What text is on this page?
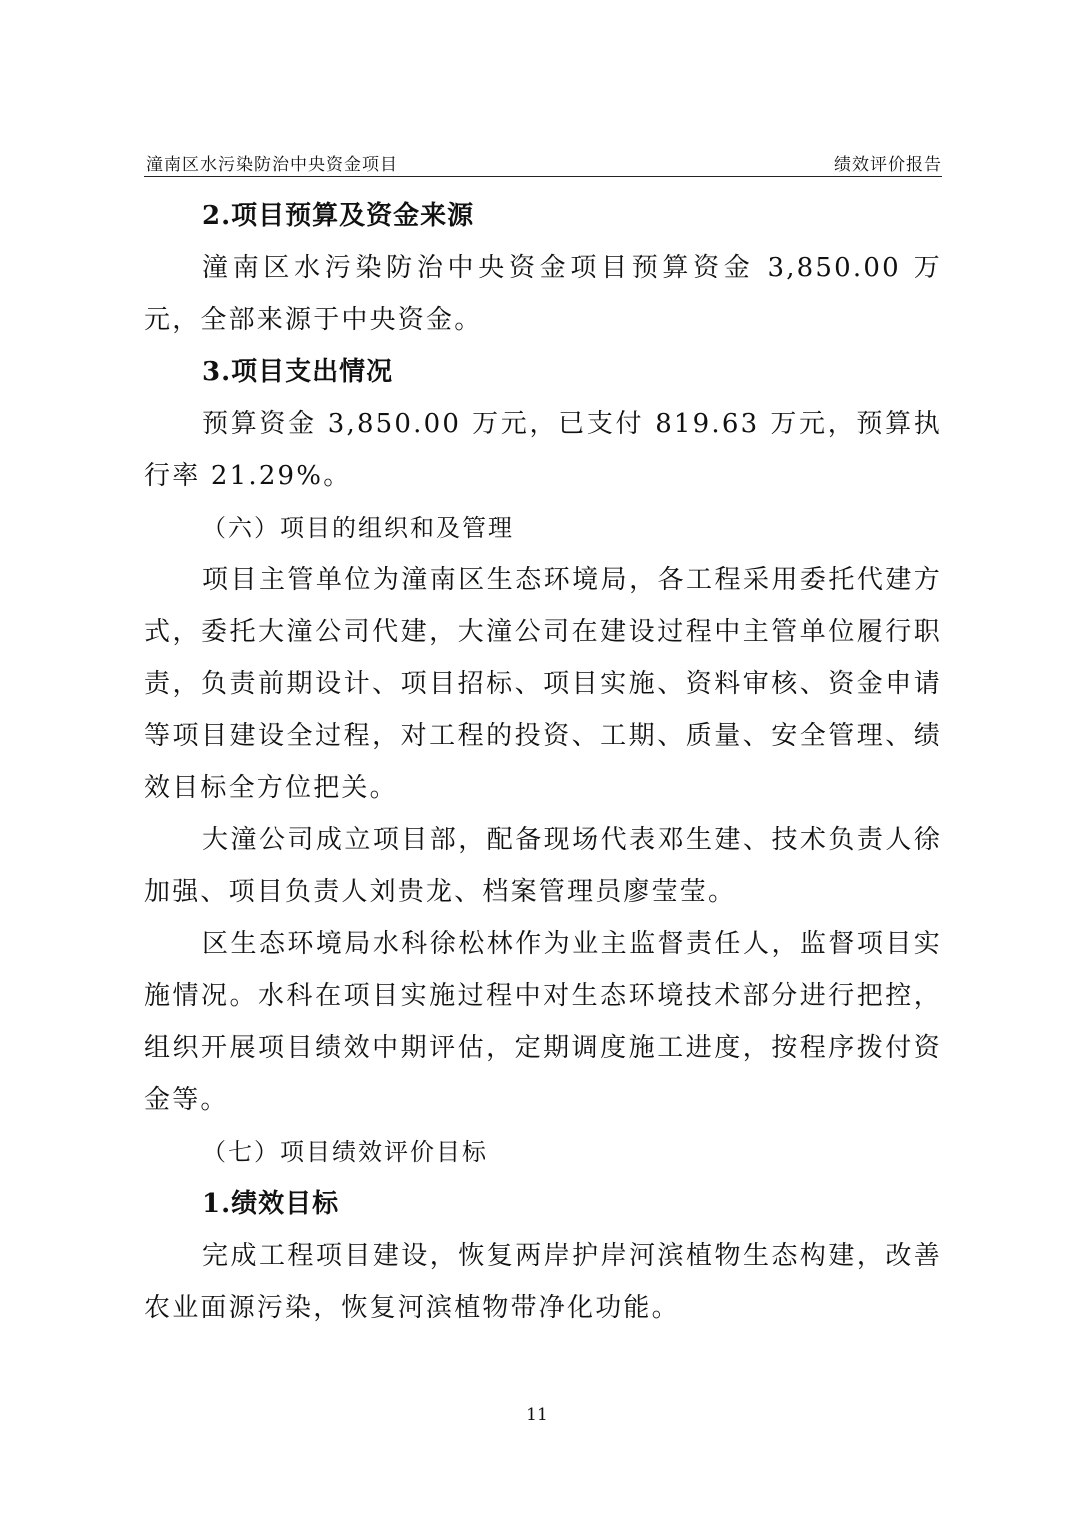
潼南区水污染防治中央资金项目	绩效评价报告

2.项目预算及资金来源

潼南区水污染防治中央资金项目预算资金 3,850.00 万元，全部来源于中央资金。

3.项目支出情况

预算资金 3,850.00 万元，已支付 819.63 万元，预算执行率 21.29%。

（六）项目的组织和及管理

项目主管单位为潼南区生态环境局，各工程采用委托代建方式，委托大潼公司代建，大潼公司在建设过程中主管单位履行职责，负责前期设计、项目招标、项目实施、资料审核、资金申请等项目建设全过程，对工程的投资、工期、质量、安全管理、绩效目标全方位把关。

大潼公司成立项目部，配备现场代表邓生建、技术负责人徐加强、项目负责人刘贵龙、档案管理员廖莹莹。

区生态环境局水科徐松林作为业主监督责任人，监督项目实施情况。水科在项目实施过程中对生态环境技术部分进行把控，组织开展项目绩效中期评估，定期调度施工进度，按程序拨付资金等。

（七）项目绩效评价目标

1.绩效目标

完成工程项目建设，恢复两岸护岸河滨植物生态构建，改善农业面源污染，恢复河滨植物带净化功能。

11
